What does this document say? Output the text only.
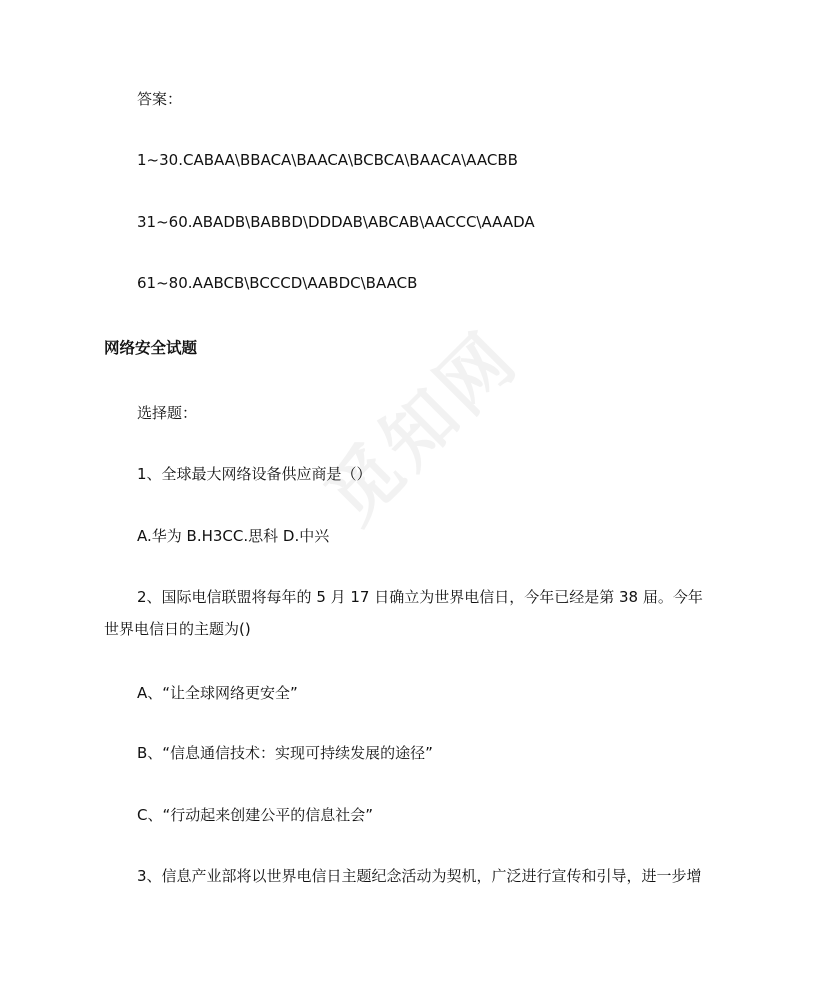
觅知网
答案：
1~30.CABAA\BBACA\BAACA\BCBCA\BAACA\AACBB
31~60.ABADB\BABBD\DDDAB\ABCAB\AACCC\AAADA
61~80.AABCB\BCCCD\AABDC\BAACB
网络安全试题
选择题：
1、全球最大网络设备供应商是（）
A.华为 B.H3CC.思科 D.中兴
2、国际电信联盟将每年的 5 月 17 日确立为世界电信日，今年已经是第 38 届。今年
世界电信日的主题为()
A、“让全球网络更安全”
B、“信息通信技术：实现可持续发展的途径”
C、“行动起来创建公平的信息社会”
3、信息产业部将以世界电信日主题纪念活动为契机，广泛进行宣传和引导，进一步增
